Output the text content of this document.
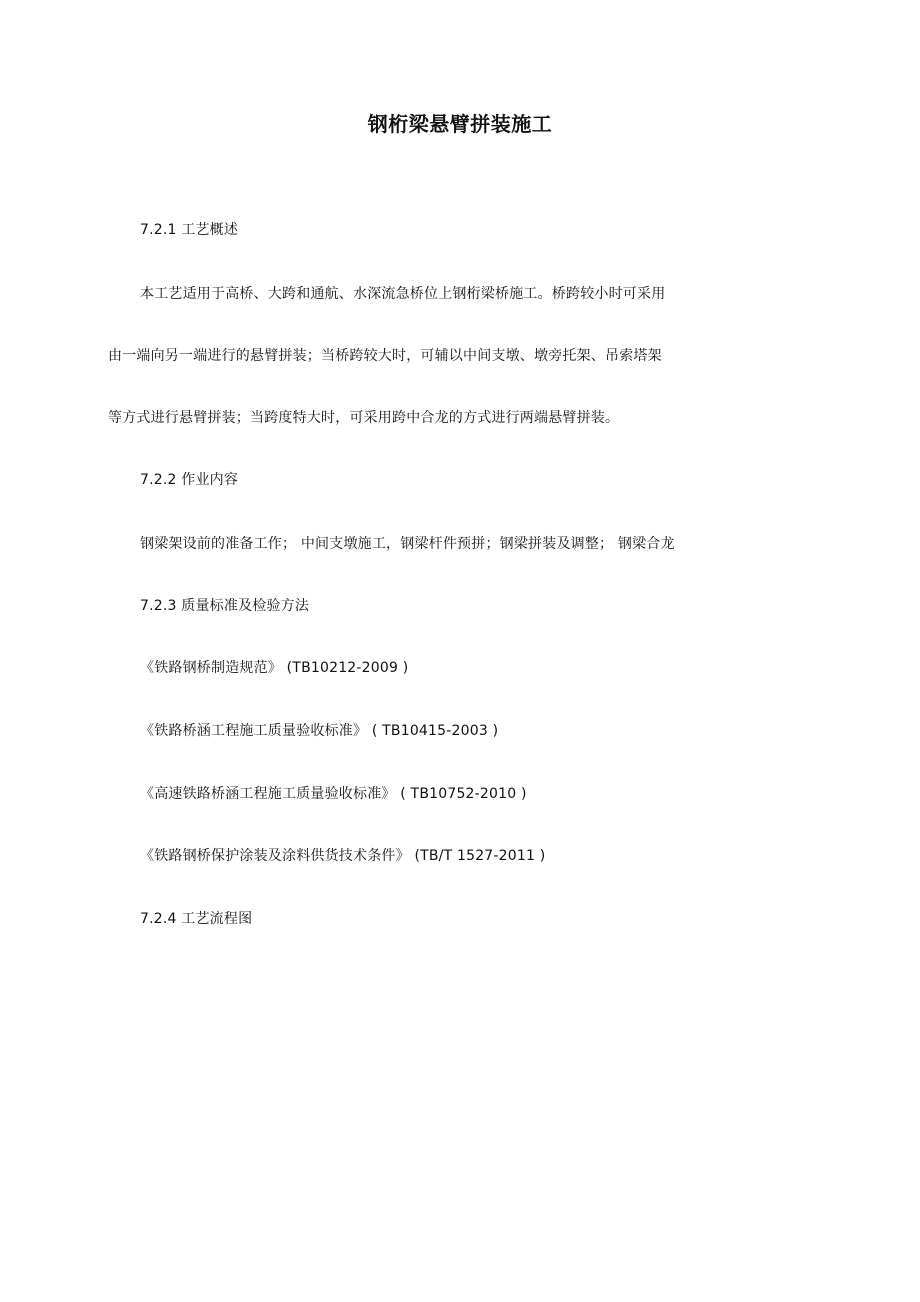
钢桁梁悬臂拼装施工
7.2.1 工艺概述
本工艺适用于高桥、大跨和通航、水深流急桥位上钢桁梁桥施工。桥跨较小时可采用
由一端向另一端进行的悬臂拼装；当桥跨较大时，可辅以中间支墩、墩旁托架、吊索塔架
等方式进行悬臂拼装；当跨度特大时，可采用跨中合龙的方式进行两端悬臂拼装。
7.2.2 作业内容
钢梁架设前的准备工作； 中间支墩施工，钢梁杆件预拼；钢梁拼装及调整； 钢梁合龙
7.2.3 质量标准及检验方法
《铁路钢桥制造规范》 (TB10212-2009 )
《铁路桥涵工程施工质量验收标准》 ( TB10415-2003 )
《高速铁路桥涵工程施工质量验收标准》 ( TB10752-2010 )
《铁路钢桥保护涂装及涂料供货技术条件》 (TB/T 1527-2011 )
7.2.4 工艺流程图
